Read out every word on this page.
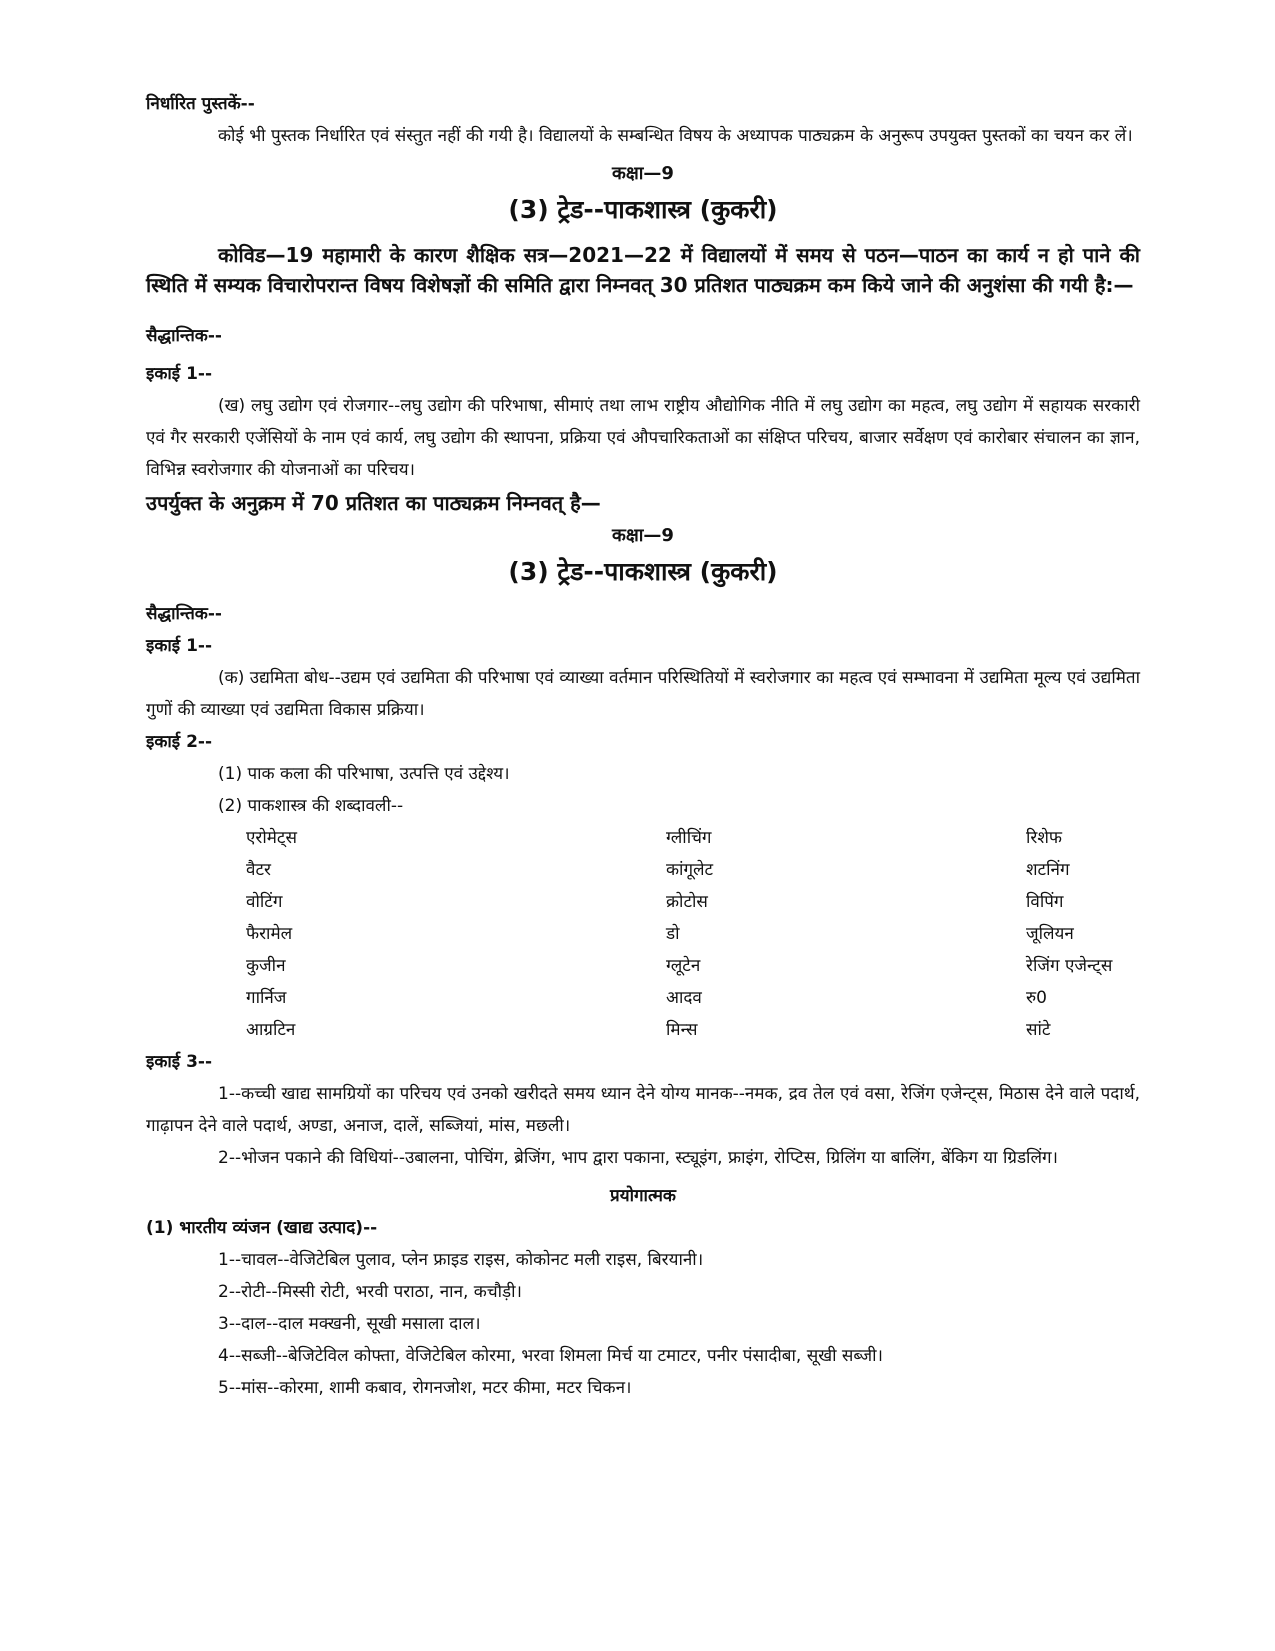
निर्धारित पुस्तकें--

कोई भी पुस्तक निर्धारित एवं संस्तुत नहीं की गयी है। विद्यालयों के सम्बन्धित विषय के अध्यापक पाठ्यक्रम के अनुरूप उपयुक्त पुस्तकों का चयन कर लें।

कक्षा—9
(3) ट्रेड--पाकशास्त्र (कुकरी)

कोविड—19 महामारी के कारण शैक्षिक सत्र—2021—22 में विद्यालयों में समय से पठन—पाठन का कार्य न हो पाने की स्थिति में सम्यक विचारोपरान्त विषय विशेषज्ञों की समिति द्वारा निम्नवत् 30 प्रतिशत पाठ्यक्रम कम किये जाने की अनुशंसा की गयी है:—

सैद्धान्तिक--
इकाई 1--

(ख) लघु उद्योग एवं रोजगार--लघु उद्योग की परिभाषा, सीमाएं तथा लाभ राष्ट्रीय औद्योगिक नीति में लघु उद्योग का महत्व, लघु उद्योग में सहायक सरकारी एवं गैर सरकारी एजेंसियों के नाम एवं कार्य, लघु उद्योग की स्थापना, प्रक्रिया एवं औपचारिकताओं का संक्षिप्त परिचय, बाजार सर्वेक्षण एवं कारोबार संचालन का ज्ञान, विभिन्न स्वरोजगार की योजनाओं का परिचय।

उपर्युक्त के अनुक्रम में 70 प्रतिशत का पाठ्यक्रम निम्नवत् है—
कक्षा—9
(3) ट्रेड--पाकशास्त्र (कुकरी)
सैद्धान्तिक--
इकाई 1--

(क) उद्यमिता बोध--उद्यम एवं उद्यमिता की परिभाषा एवं व्याख्या वर्तमान परिस्थितियों में स्वरोजगार का महत्व एवं सम्भावना में उद्यमिता मूल्य एवं उद्यमिता गुणों की व्याख्या एवं उद्यमिता विकास प्रक्रिया।

इकाई 2--
(1) पाक कला की परिभाषा, उत्पत्ति एवं उद्देश्य।
(2) पाकशास्त्र की शब्दावली--
एरोमेट्स	ग्लीचिंग	रिशेफ
वैटर	कांगूलेट	शटनिंग
वोटिंग	क्रोटोस	विपिंग
फैरामेल	डो	जूलियन
कुजीन	ग्लूटेन	रेजिंग एजेन्ट्स
गार्निज	आदव	रु0
आग्रटिन	मिन्स	सांटे
इकाई 3--

1--कच्ची खाद्य सामग्रियों का परिचय एवं उनको खरीदते समय ध्यान देने योग्य मानक--नमक, द्रव तेल एवं वसा, रेजिंग एजेन्ट्स, मिठास देने वाले पदार्थ, गाढ़ापन देने वाले पदार्थ, अण्डा, अनाज, दालें, सब्जियां, मांस, मछली।

2--भोजन पकाने की विधियां--उबालना, पोचिंग, ब्रेजिंग, भाप द्वारा पकाना, स्ट्यूइंग, फ्राइंग, रोप्टिस, ग्रिलिंग या बालिंग, बेंकिग या ग्रिडलिंग।

प्रयोगात्मक
(1) भारतीय व्यंजन (खाद्य उत्पाद)--
1--चावल--वेजिटेबिल पुलाव, प्लेन फ्राइड राइस, कोकोनट मली राइस, बिरयानी।
2--रोटी--मिस्सी रोटी, भरवी पराठा, नान, कचौड़ी।
3--दाल--दाल मक्खनी, सूखी मसाला दाल।
4--सब्जी--बेजिटेविल कोफ्ता, वेजिटेबिल कोरमा, भरवा शिमला मिर्च या टमाटर, पनीर पंसादीबा, सूखी सब्जी।
5--मांस--कोरमा, शामी कबाव, रोगनजोश, मटर कीमा, मटर चिकन।
